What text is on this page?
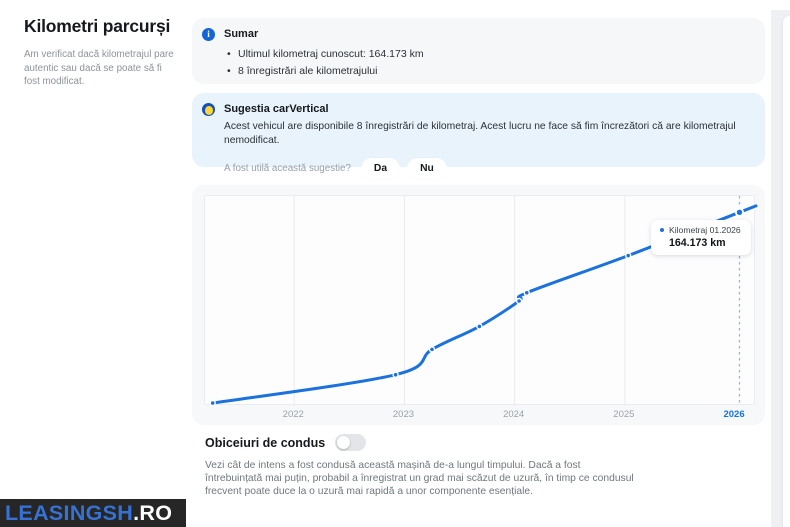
Kilometri parcurși

Am verificat dacă kilometrajul pare autentic sau dacă se poate să fi fost modificat.

i	Sumar
• Ultimul kilometraj cunoscut: 164.173 km
• 8 înregistrări ale kilometrajului
Sugestia carVertical
Acest vehicul are disponibile 8 înregistrări de kilometraj. Acest lucru ne face să fim încrezători că are kilometrajul nemodificat.
A fost utilă această sugestie?	Da	Nu
Kilometraj 01.2026
164.173 km
2022	2023	2024	2025	2026
Obiceiuri de condus

Vezi cât de intens a fost condusă această mașină de-a lungul timpului. Dacă a fost întrebuințată mai puțin, probabil a înregistrat un grad mai scăzut de uzură, în timp ce condusul frecvent poate duce la o uzură mai rapidă a unor componente esențiale.

LEASINGSH .RO
